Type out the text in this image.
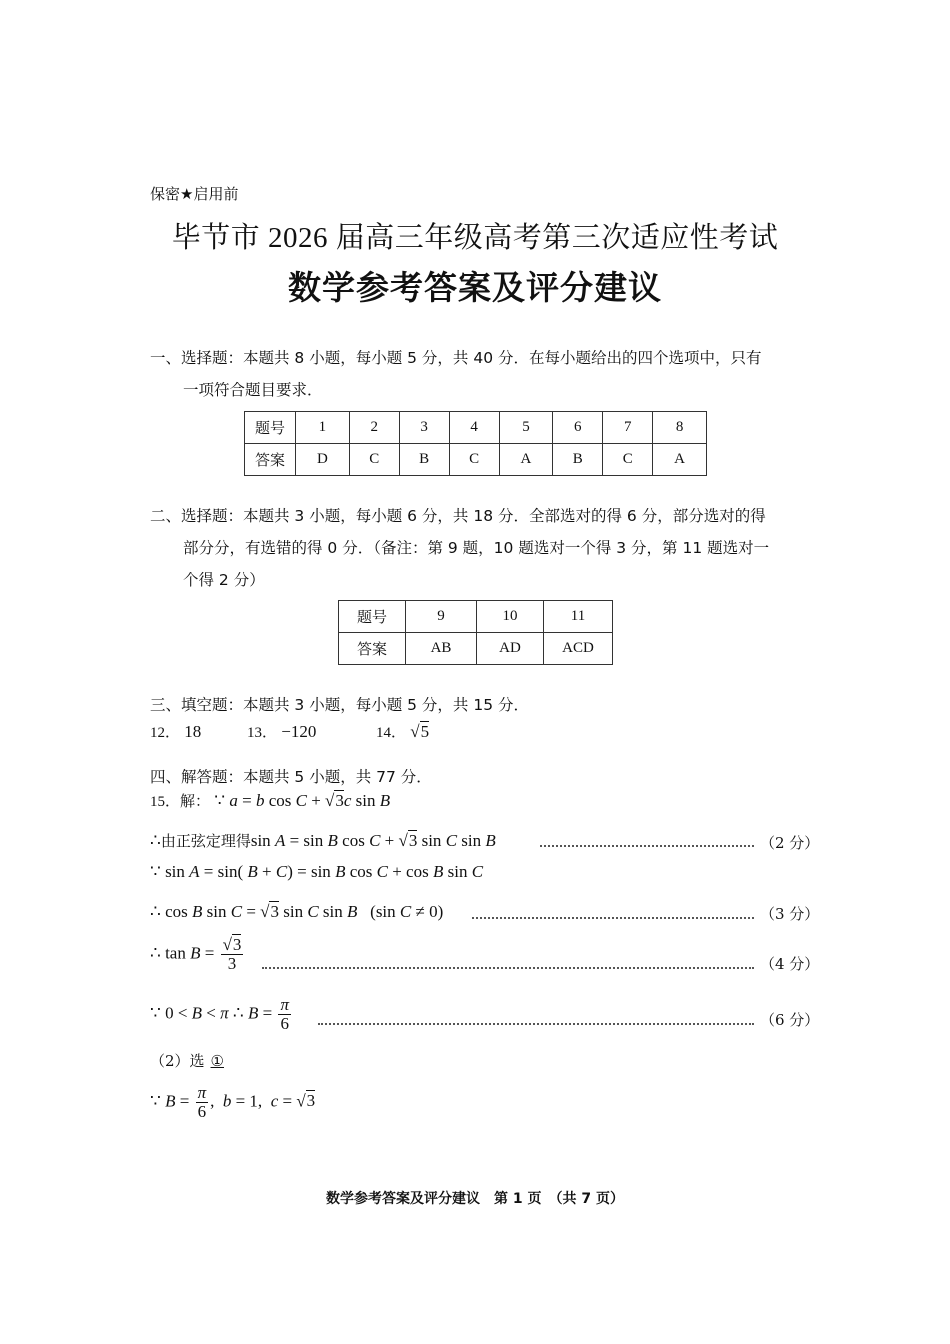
保密★启用前
毕节市 2026 届高三年级高考第三次适应性考试
数学参考答案及评分建议
一、选择题：本题共 8 小题，每小题 5 分，共 40 分．在每小题给出的四个选项中，只有
一项符合题目要求．
题号	1	2	3	4	5	6	7	8
答案	D	C	B	C	A	B	C	A
二、选择题：本题共 3 小题，每小题 6 分，共 18 分．全部选对的得 6 分，部分选对的得
部分分，有选错的得 0 分．（备注：第 9 题，10 题选对一个得 3 分，第 11 题选对一
个得 2 分）
题号	9	10	11
答案	AB	AD	ACD
三、填空题：本题共 3 小题，每小题 5 分，共 15 分．
12． 18	13． −120	14． √5
四、解答题：本题共 5 小题，共 77 分．
15．解： ∵ a = b cos C + √3c sin B
∴由正弦定理得sin A = sin B cos C + √3 sin C sin B	（2 分）
∵ sin A = sin( B + C) = sin B cos C + cos B sin C
∴ cos B sin C = √3 sin C sin B   (sin C ≠ 0)	（3 分）
∴ $\tan B = \frac{√3}{3}$	（4 分）
∵ 0 < B < π ∴ $B = \frac{\pi}{6}$	（6 分）
（2）选 ①
∵ $B = \frac{\pi}{6}$ ,  b = 1,  c = √3
数学参考答案及评分建议　第 1 页　（共 7 页）
